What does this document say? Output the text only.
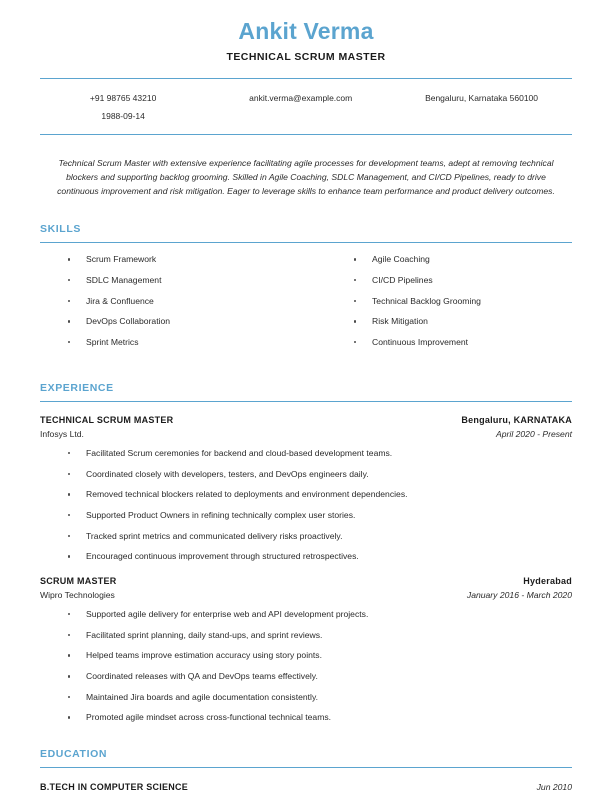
Ankit Verma
TECHNICAL SCRUM MASTER
+91 98765 43210
1988-09-14
ankit.verma@example.com	Bengaluru, Karnataka 560100
Technical Scrum Master with extensive experience facilitating agile processes for development teams, adept at removing technical blockers and supporting backlog grooming. Skilled in Agile Coaching, SDLC Management, and CI/CD Pipelines, ready to drive continuous improvement and risk mitigation. Eager to leverage skills to enhance team performance and product delivery outcomes.
SKILLS
Scrum Framework
SDLC Management
Jira & Confluence
DevOps Collaboration
Sprint Metrics
Agile Coaching
CI/CD Pipelines
Technical Backlog Grooming
Risk Mitigation
Continuous Improvement
EXPERIENCE
TECHNICAL SCRUM MASTER	Bengaluru, KARNATAKA
Infosys Ltd.	April 2020 - Present
Facilitated Scrum ceremonies for backend and cloud-based development teams.
Coordinated closely with developers, testers, and DevOps engineers daily.
Removed technical blockers related to deployments and environment dependencies.
Supported Product Owners in refining technically complex user stories.
Tracked sprint metrics and communicated delivery risks proactively.
Encouraged continuous improvement through structured retrospectives.
SCRUM MASTER	Hyderabad
Wipro Technologies	January 2016 - March 2020
Supported agile delivery for enterprise web and API development projects.
Facilitated sprint planning, daily stand-ups, and sprint reviews.
Helped teams improve estimation accuracy using story points.
Coordinated releases with QA and DevOps teams effectively.
Maintained Jira boards and agile documentation consistently.
Promoted agile mindset across cross-functional technical teams.
EDUCATION
B.TECH IN COMPUTER SCIENCE	Jun 2010
